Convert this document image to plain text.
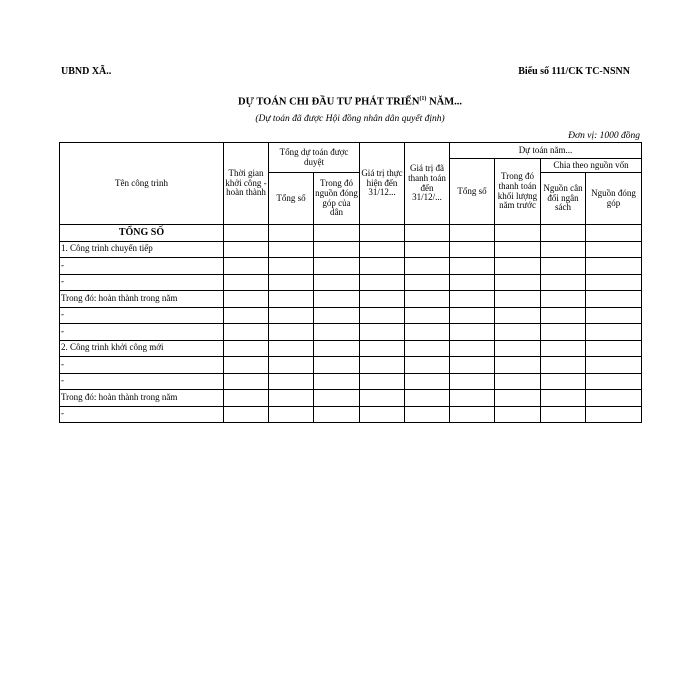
UBND XÃ..	Biểu số 111/CK TC-NSNN
DỰ TOÁN CHI ĐẦU TƯ PHÁT TRIỂN$^{(1)}$ NĂM...
(Dự toán đã được Hội đồng nhân dân quyết định)
Đơn vị: 1000 đồng
Tên công trình	Thời gian khởi công - hoàn thành	Tổng dự toán được duyệt		Giá trị thực hiện đến 31/12...	Giá trị đã thanh toán đến 31/12/...	Dự toán năm...			
						Tổng số	Trong đó thanh toán khối lượng năm trước	Chia theo nguồn vốn	
		Tổng số	Trong đó nguồn đóng góp của dân					Nguồn cân đối ngân sách	Nguồn đóng góp
TỔNG SỐ									
1. Công trình chuyển tiếp									
-									
-									
Trong đó: hoàn thành trong năm									
-									
-									
2. Công trình khởi công mới									
-									
-									
Trong đó: hoàn thành trong năm									
-									
